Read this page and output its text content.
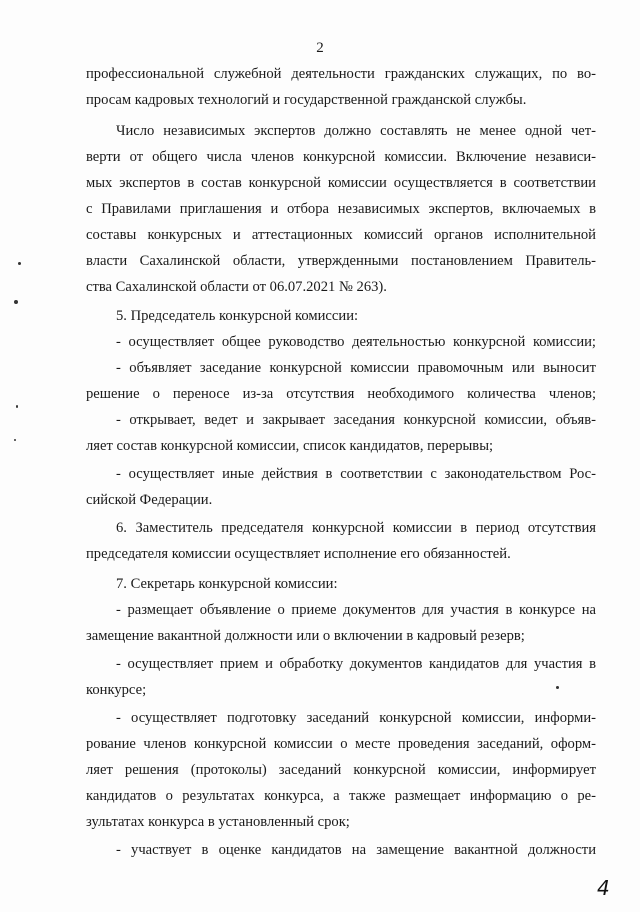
2
профессиональной служебной деятельности гражданских служащих, по во-
просам кадровых технологий и государственной гражданской службы.
Число независимых экспертов должно составлять не менее одной чет-
верти от общего числа членов конкурсной комиссии. Включение независи-
мых экспертов в состав конкурсной комиссии осуществляется в соответствии
с Правилами приглашения и отбора независимых экспертов, включаемых в
составы конкурсных и аттестационных комиссий органов исполнительной
власти Сахалинской области, утвержденными постановлением Правитель-
ства Сахалинской области от 06.07.2021 № 263).
5. Председатель конкурсной комиссии:
- осуществляет общее руководство деятельностью конкурсной комиссии;
- объявляет заседание конкурсной комиссии правомочным или выносит
решение о переносе из-за отсутствия необходимого количества членов;
- открывает, ведет и закрывает заседания конкурсной комиссии, объяв-
ляет состав конкурсной комиссии, список кандидатов, перерывы;
- осуществляет иные действия в соответствии с законодательством Рос-
сийской Федерации.
6. Заместитель председателя конкурсной комиссии в период отсутствия
председателя комиссии осуществляет исполнение его обязанностей.
7. Секретарь конкурсной комиссии:
- размещает объявление о приеме документов для участия в конкурсе на
замещение вакантной должности или о включении в кадровый резерв;
- осуществляет прием и обработку документов кандидатов для участия в
конкурсе;
- осуществляет подготовку заседаний конкурсной комиссии, информи-
рование членов конкурсной комиссии о месте проведения заседаний, оформ-
ляет решения (протоколы) заседаний конкурсной комиссии, информирует
кандидатов о результатах конкурса, а также размещает информацию о ре-
зультатах конкурса в установленный срок;
- участвует в оценке кандидатов на замещение вакантной должности
4
